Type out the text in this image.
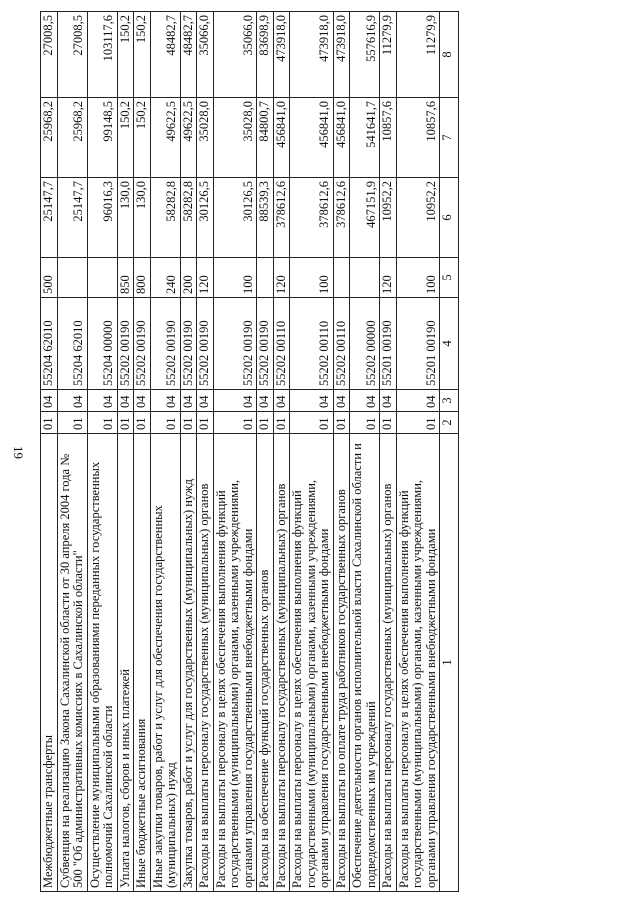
Межбюджетные трансферты	01	04	55204 62010	500	25147,7	25968,2	27008,5
Субвенция на реализацию Закона Сахалинской области от 30 апреля 2004 года № 500 "Об административных комиссиях в Сахалинской области"	01	04	55204 62010		25147,7	25968,2	27008,5
Осуществление муниципальными образованиями переданных государственных полномочий Сахалинской области	01	04	55204 00000		96016,3	99148,5	103117,6
Уплата налогов, сборов и иных платежей	01	04	55202 00190	850	130,0	150,2	150,2
Иные бюджетные ассигнования	01	04	55202 00190	800	130,0	150,2	150,2
Иные закупки товаров, работ и услуг для обеспечения государственных (муниципальных) нужд	01	04	55202 00190	240	58282,8	49622,5	48482,7
Закупка товаров, работ и услуг для государственных (муниципальных) нужд	01	04	55202 00190	200	58282,8	49622,5	48482,7
Расходы на выплаты персоналу государственных (муниципальных) органов	01	04	55202 00190	120	30126,5	35028,0	35066,0
Расходы на выплаты персоналу в целях обеспечения выполнения функций государственными (муниципальными) органами, казенными учреждениями, органами управления государственными внебюджетными фондами	01	04	55202 00190	100	30126,5	35028,0	35066,0
Расходы на обеспечение функций государственных органов	01	04	55202 00190		88539,3	84800,7	83698,9
Расходы на выплаты персоналу государственных (муниципальных) органов	01	04	55202 00110	120	378612,6	456841,0	473918,0
Расходы на выплаты персоналу в целях обеспечения выполнения функций государственными (муниципальными) органами, казенными учреждениями, органами управления государственными внебюджетными фондами	01	04	55202 00110	100	378612,6	456841,0	473918,0
Расходы на выплаты по оплате труда работников государственных органов	01	04	55202 00110		378612,6	456841,0	473918,0
Обеспечение деятельности органов исполнительной власти Сахалинской области и подведомственных им учреждений	01	04	55202 00000		467151,9	541641,7	557616,9
Расходы на выплаты персоналу государственных (муниципальных) органов	01	04	55201 00190	120	10952,2	10857,6	11279,9
Расходы на выплаты персоналу в целях обеспечения выполнения функций государственными (муниципальными) органами, казенными учреждениями, органами управления государственными внебюджетными фондами	01	04	55201 00190	100	10952,2	10857,6	11279,9
1	2	3	4	5	6	7	8
19
